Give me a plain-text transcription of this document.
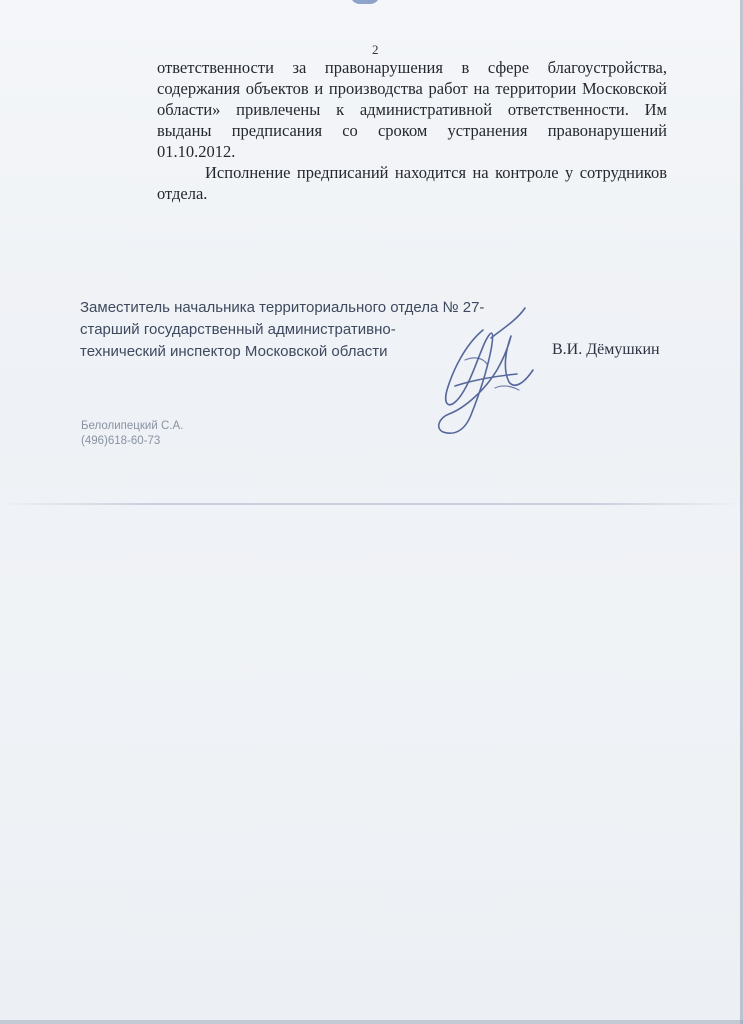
2

ответственности за правонарушения в сфере благоустройства, содержания объектов и производства работ на территории Московской области» привлечены к административной ответственности. Им выданы предписания со сроком устранения правонарушений 01.10.2012.

Исполнение предписаний находится на контроле у сотрудников отдела.

Заместитель начальника территориального отдела № 27-
старший государственный административно-
технический инспектор Московской области	В.И. Дёмушкин
Белолипецкий С.А.
(496)618-60-73
